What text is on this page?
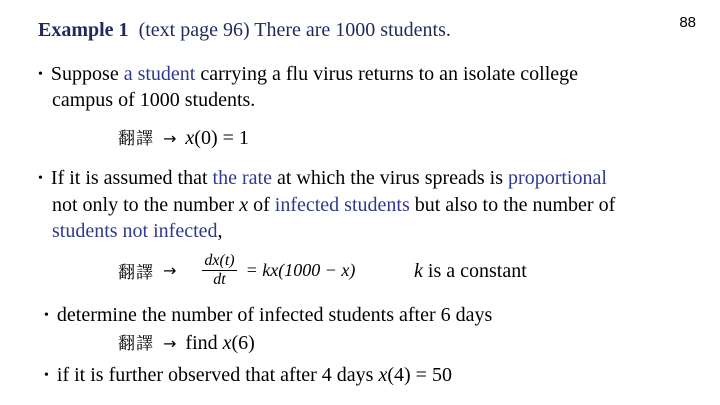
Example 1 (text page 96) There are 1000 students.	88
• Suppose a student carrying a flu virus returns to an isolate college
campus of 1000 students.
翻譯 → x(0) = 1
• If it is assumed that the rate at which the virus spreads is proportional
not only to the number x of infected students but also to the number of
students not infected,
翻譯 → $\frac{dx(t)}{dt} = kx(1000 - x)$	k is a constant
• determine the number of infected students after 6 days
翻譯 → find x(6)
• if it is further observed that after 4 days x(4) = 50
